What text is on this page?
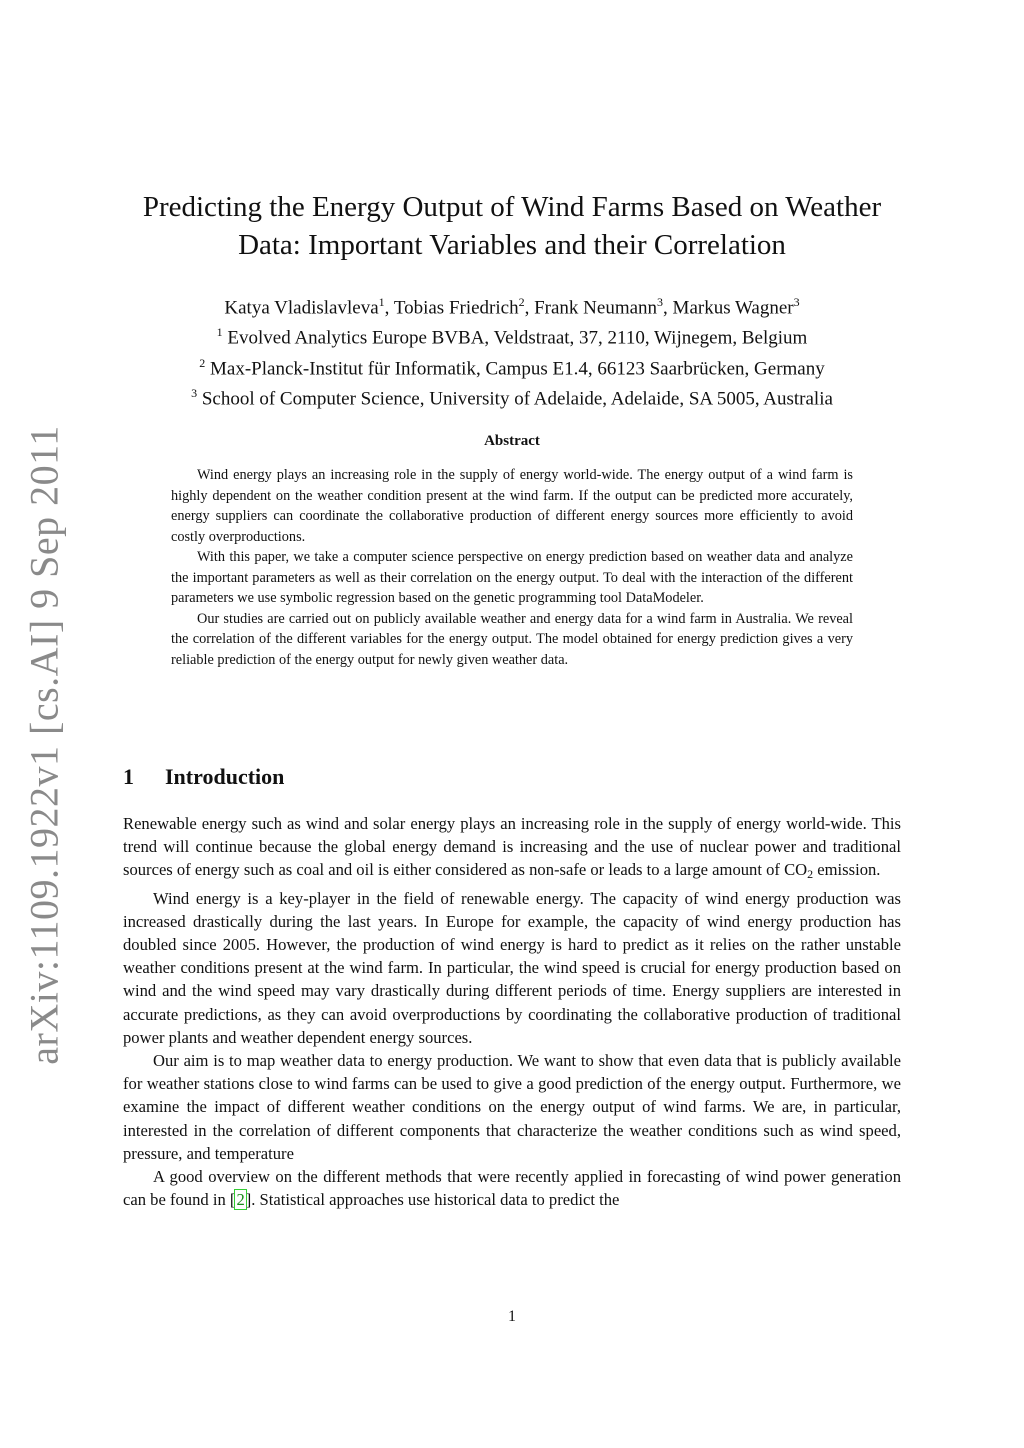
arXiv:1109.1922v1 [cs.AI] 9 Sep 2011
Predicting the Energy Output of Wind Farms Based on Weather Data: Important Variables and their Correlation
Katya Vladislavleva$^1$, Tobias Friedrich$^2$, Frank Neumann$^3$, Markus Wagner$^3$
$^1$ Evolved Analytics Europe BVBA, Veldstraat, 37, 2110, Wijnegem, Belgium
$^2$ Max-Planck-Institut für Informatik, Campus E1.4, 66123 Saarbrücken, Germany
$^3$ School of Computer Science, University of Adelaide, Adelaide, SA 5005, Australia
Abstract

Wind energy plays an increasing role in the supply of energy world-wide. The energy output of a wind farm is highly dependent on the weather condition present at the wind farm. If the output can be predicted more accurately, energy suppliers can coordinate the collaborative production of different energy sources more efficiently to avoid costly overproductions.

With this paper, we take a computer science perspective on energy prediction based on weather data and analyze the important parameters as well as their correlation on the energy output. To deal with the interaction of the different parameters we use symbolic regression based on the genetic programming tool DataModeler.

Our studies are carried out on publicly available weather and energy data for a wind farm in Australia. We reveal the correlation of the different variables for the energy output. The model obtained for energy prediction gives a very reliable prediction of the energy output for newly given weather data.

1 Introduction

Renewable energy such as wind and solar energy plays an increasing role in the supply of energy world-wide. This trend will continue because the global energy demand is increasing and the use of nuclear power and traditional sources of energy such as coal and oil is either considered as non-safe or leads to a large amount of $CO_2$ emission.

Wind energy is a key-player in the field of renewable energy. The capacity of wind energy production was increased drastically during the last years. In Europe for example, the capacity of wind energy production has doubled since 2005. However, the production of wind energy is hard to predict as it relies on the rather unstable weather conditions present at the wind farm. In particular, the wind speed is crucial for energy production based on wind and the wind speed may vary drastically during different periods of time. Energy suppliers are interested in accurate predictions, as they can avoid overproductions by coordinating the collaborative production of traditional power plants and weather dependent energy sources.

Our aim is to map weather data to energy production. We want to show that even data that is publicly available for weather stations close to wind farms can be used to give a good prediction of the energy output. Furthermore, we examine the impact of different weather conditions on the energy output of wind farms. We are, in particular, interested in the correlation of different components that characterize the weather conditions such as wind speed, pressure, and temperature

A good overview on the different methods that were recently applied in forecasting of wind power generation can be found in [2]. Statistical approaches use historical data to predict the

1
